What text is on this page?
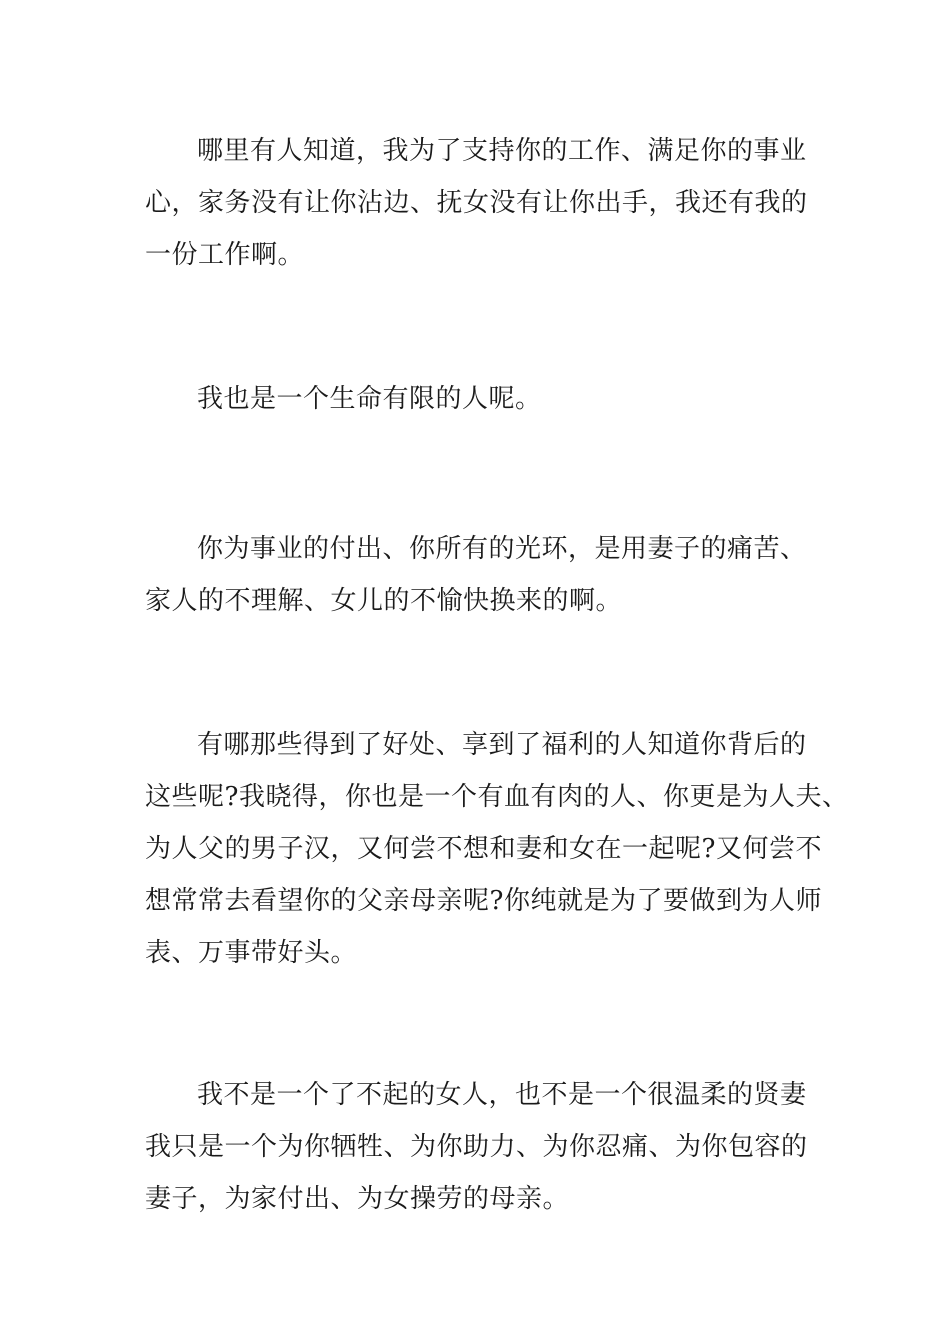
哪里有人知道，我为了支持你的工作、满足你的事业
心，家务没有让你沾边、抚女没有让你出手，我还有我的
一份工作啊。
我也是一个生命有限的人呢。
你为事业的付出、你所有的光环，是用妻子的痛苦、
家人的不理解、女儿的不愉快换来的啊。
有哪那些得到了好处、享到了福利的人知道你背后的
这些呢?我晓得，你也是一个有血有肉的人、你更是为人夫、
为人父的男子汉，又何尝不想和妻和女在一起呢?又何尝不
想常常去看望你的父亲母亲呢?你纯就是为了要做到为人师
表、万事带好头。
我不是一个了不起的女人，也不是一个很温柔的贤妻
我只是一个为你牺牲、为你助力、为你忍痛、为你包容的
妻子，为家付出、为女操劳的母亲。
